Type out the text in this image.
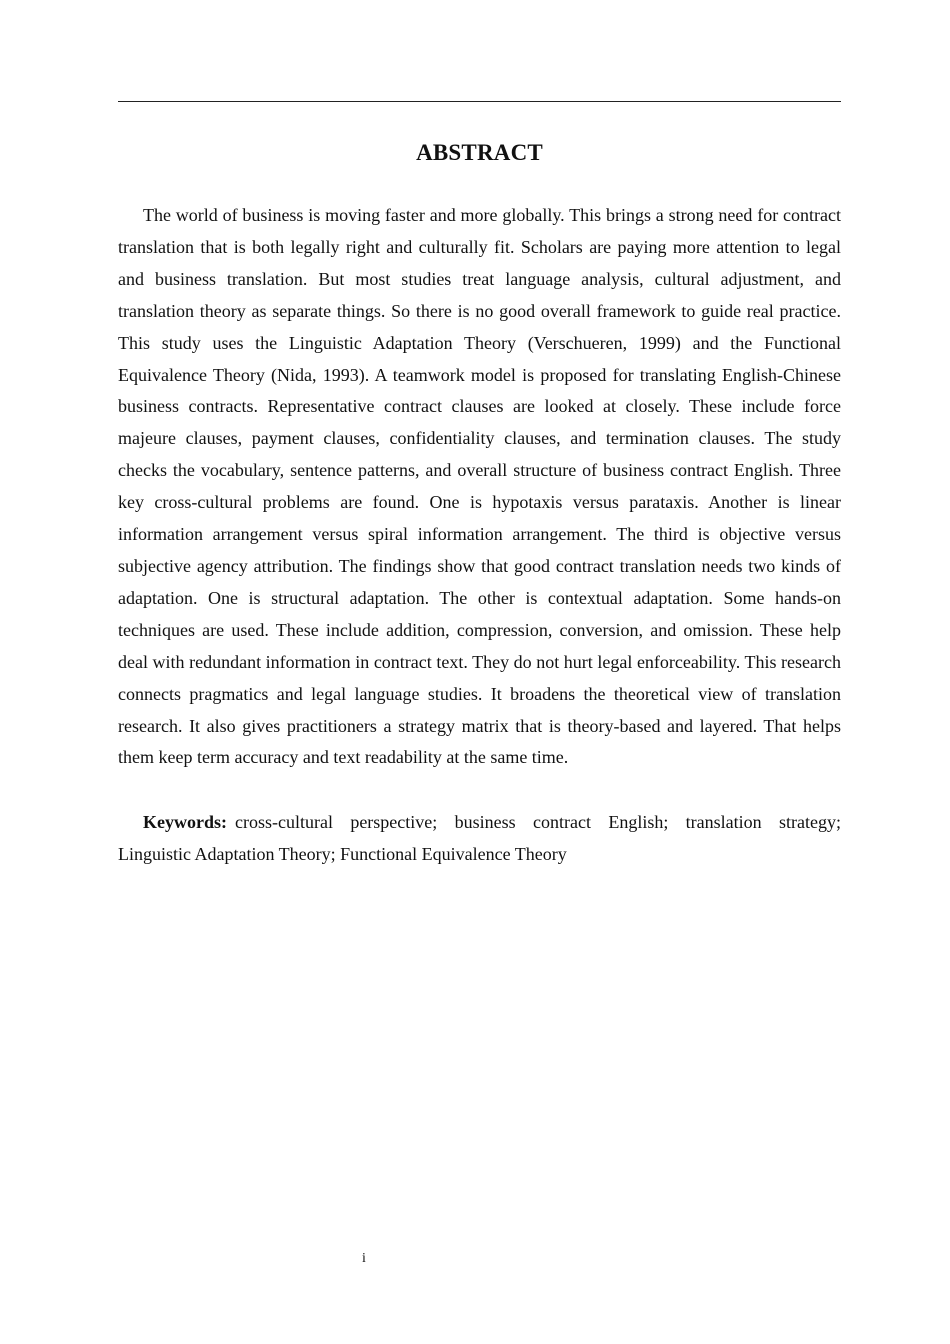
ABSTRACT

The world of business is moving faster and more globally. This brings a strong need for contract translation that is both legally right and culturally fit. Scholars are paying more attention to legal and business translation. But most studies treat language analysis, cultural adjustment, and translation theory as separate things. So there is no good overall framework to guide real practice. This study uses the Linguistic Adaptation Theory (Verschueren, 1999) and the Functional Equivalence Theory (Nida, 1993). A teamwork model is proposed for translating English-Chinese business contracts. Representative contract clauses are looked at closely. These include force majeure clauses, payment clauses, confidentiality clauses, and termination clauses. The study checks the vocabulary, sentence patterns, and overall structure of business contract English. Three key cross-cultural problems are found. One is hypotaxis versus parataxis. Another is linear information arrangement versus spiral information arrangement. The third is objective versus subjective agency attribution. The findings show that good contract translation needs two kinds of adaptation. One is structural adaptation. The other is contextual adaptation. Some hands-on techniques are used. These include addition, compression, conversion, and omission. These help deal with redundant information in contract text. They do not hurt legal enforceability. This research connects pragmatics and legal language studies. It broadens the theoretical view of translation research. It also gives practitioners a strategy matrix that is theory-based and layered. That helps them keep term accuracy and text readability at the same time.

Keywords: cross-cultural perspective; business contract English; translation strategy; Linguistic Adaptation Theory; Functional Equivalence Theory

i
